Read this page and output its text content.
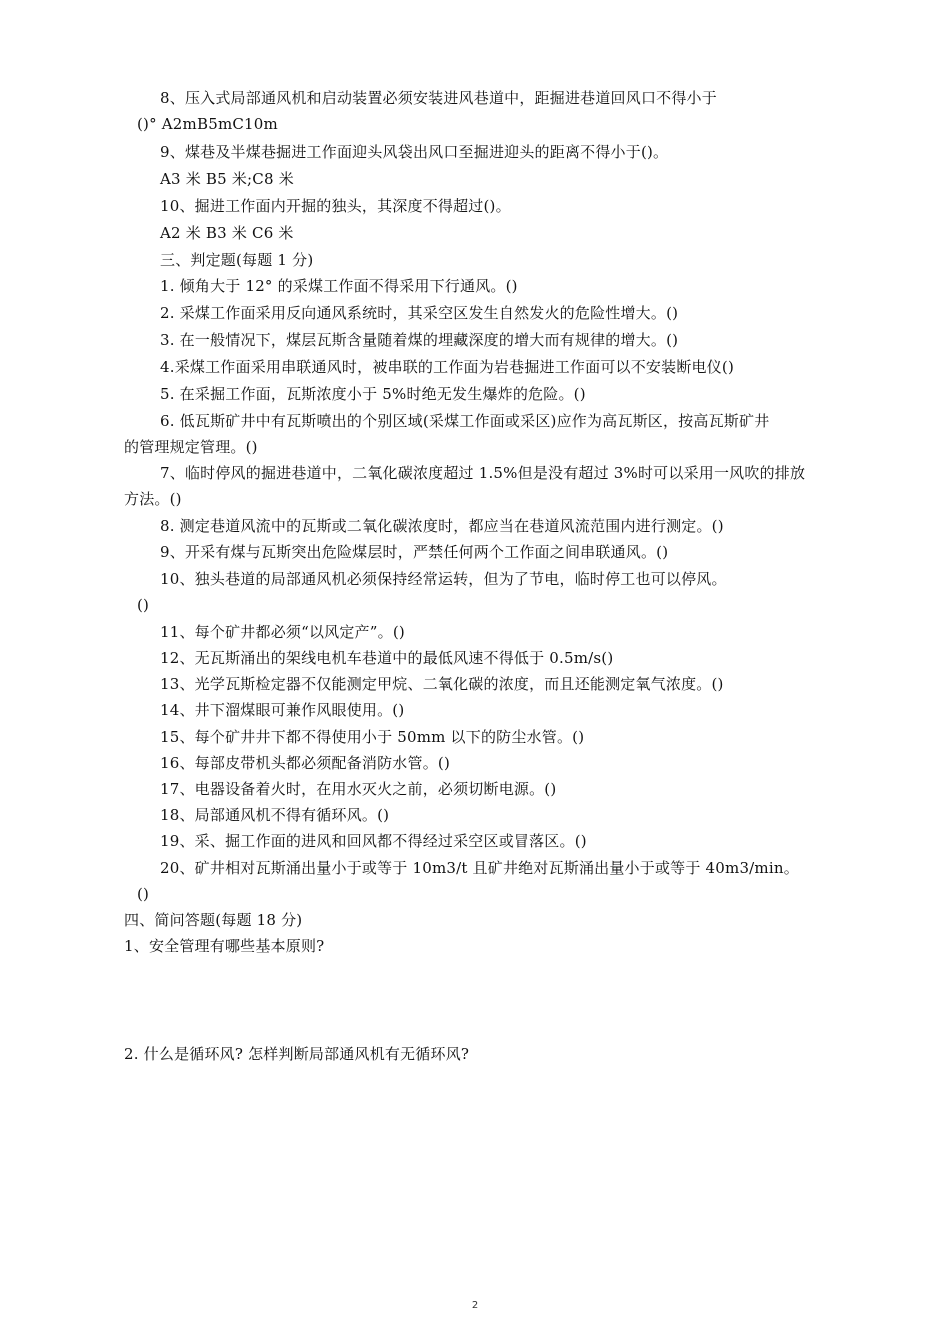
8、压入式局部通风机和启动装置必须安装进风巷道中，距掘进巷道回风口不得小于
()° A2mB5mC10m
9、煤巷及半煤巷掘进工作面迎头风袋出风口至掘进迎头的距离不得小于()。
A3 米 B5 米;C8 米
10、掘进工作面内开掘的独头，其深度不得超过()。
A2 米 B3 米 C6 米
三、判定题(每题 1 分)
1. 倾角大于 12° 的采煤工作面不得采用下行通风。()
2. 采煤工作面采用反向通风系统时，其采空区发生自然发火的危险性增大。()
3. 在一般情况下，煤层瓦斯含量随着煤的埋藏深度的增大而有规律的增大。()
4.采煤工作面采用串联通风时，被串联的工作面为岩巷掘进工作面可以不安装断电仪()
5. 在采掘工作面，瓦斯浓度小于 5%时绝无发生爆炸的危险。()
6. 低瓦斯矿井中有瓦斯喷出的个别区域(采煤工作面或采区)应作为高瓦斯区，按高瓦斯矿井
的管理规定管理。()
7、临时停风的掘进巷道中，二氧化碳浓度超过 1.5%但是没有超过 3%时可以采用一风吹的排放
方法。()
8. 测定巷道风流中的瓦斯或二氧化碳浓度时，都应当在巷道风流范围内进行测定。()
9、开采有煤与瓦斯突出危险煤层时，严禁任何两个工作面之间串联通风。()
10、独头巷道的局部通风机必须保持经常运转，但为了节电，临时停工也可以停风。
()
11、每个矿井都必须“以风定产”。()
12、无瓦斯涌出的架线电机车巷道中的最低风速不得低于 0.5m/s()
13、光学瓦斯检定器不仅能测定甲烷、二氧化碳的浓度，而且还能测定氧气浓度。()
14、井下溜煤眼可兼作风眼使用。()
15、每个矿井井下都不得使用小于 50mm 以下的防尘水管。()
16、每部皮带机头都必须配备消防水管。()
17、电器设备着火时，在用水灭火之前，必须切断电源。()
18、局部通风机不得有循环风。()
19、采、掘工作面的进风和回风都不得经过采空区或冒落区。()
20、矿井相对瓦斯涌出量小于或等于 10m3/t 且矿井绝对瓦斯涌出量小于或等于 40m3/min。
()
四、简问答题(每题 18 分)
1、安全管理有哪些基本原则?
2. 什么是循环风? 怎样判断局部通风机有无循环风?
2
